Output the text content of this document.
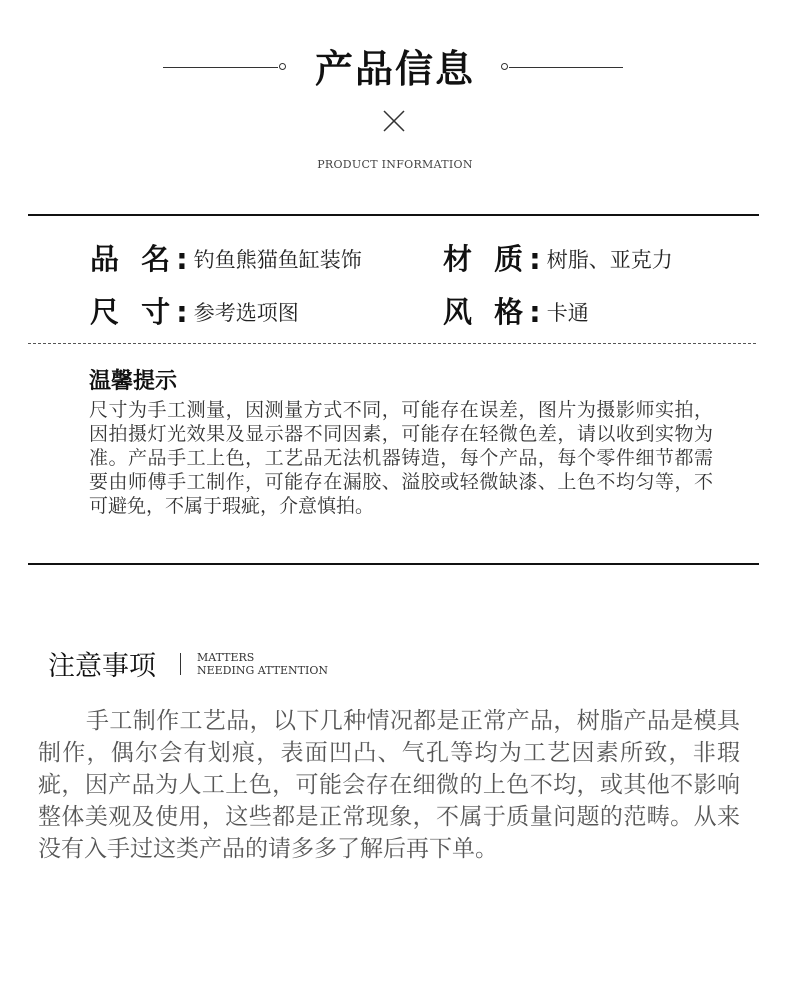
产品信息
PRODUCT INFORMATION
品 名: 钓鱼熊猫鱼缸装饰	材 质: 树脂、亚克力
尺 寸: 参考选项图	风 格: 卡通
温馨提示
尺寸为手工测量，因测量方式不同，可能存在误差，图片为摄影师实拍，因拍摄灯光效果及显示器不同因素，可能存在轻微色差，请以收到实物为准。产品手工上色，工艺品无法机器铸造，每个产品，每个零件细节都需要由师傅手工制作，可能存在漏胶、溢胶或轻微缺漆、上色不均匀等，不可避免，不属于瑕疵，介意慎拍。
注意事项	MATTERS
NEEDING ATTENTION
手工制作工艺品，以下几种情况都是正常产品，树脂产品是模具制作，偶尔会有划痕，表面凹凸、气孔等均为工艺因素所致，非瑕疵，因产品为人工上色，可能会存在细微的上色不均，或其他不影响整体美观及使用，这些都是正常现象，不属于质量问题的范畴。从来没有入手过这类产品的请多多了解后再下单。
